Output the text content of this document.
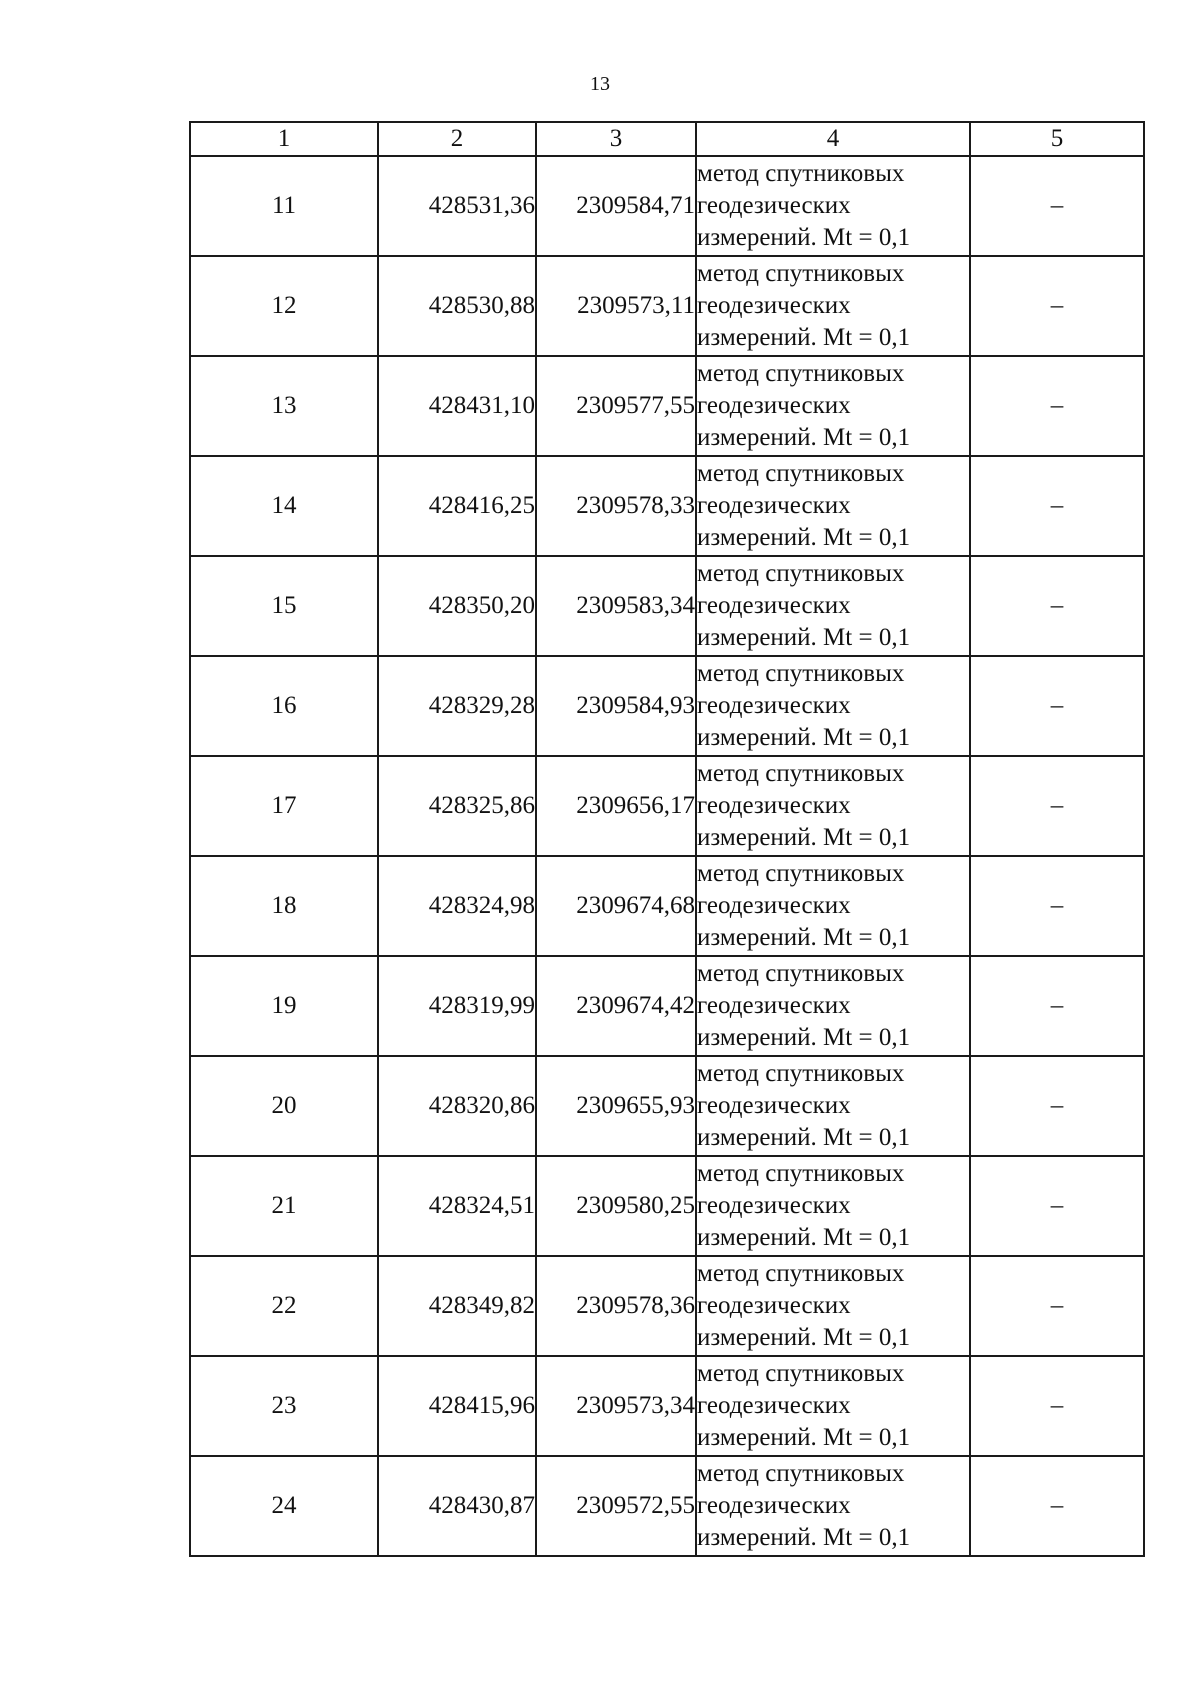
13
1	2	3	4	5
11	428531,36	2309584,71	метод спутниковых
геодезических
измерений. Mt = 0,1	–
12	428530,88	2309573,11	метод спутниковых
геодезических
измерений. Mt = 0,1	–
13	428431,10	2309577,55	метод спутниковых
геодезических
измерений. Mt = 0,1	–
14	428416,25	2309578,33	метод спутниковых
геодезических
измерений. Mt = 0,1	–
15	428350,20	2309583,34	метод спутниковых
геодезических
измерений. Mt = 0,1	–
16	428329,28	2309584,93	метод спутниковых
геодезических
измерений. Mt = 0,1	–
17	428325,86	2309656,17	метод спутниковых
геодезических
измерений. Mt = 0,1	–
18	428324,98	2309674,68	метод спутниковых
геодезических
измерений. Mt = 0,1	–
19	428319,99	2309674,42	метод спутниковых
геодезических
измерений. Mt = 0,1	–
20	428320,86	2309655,93	метод спутниковых
геодезических
измерений. Mt = 0,1	–
21	428324,51	2309580,25	метод спутниковых
геодезических
измерений. Mt = 0,1	–
22	428349,82	2309578,36	метод спутниковых
геодезических
измерений. Mt = 0,1	–
23	428415,96	2309573,34	метод спутниковых
геодезических
измерений. Mt = 0,1	–
24	428430,87	2309572,55	метод спутниковых
геодезических
измерений. Mt = 0,1	–
